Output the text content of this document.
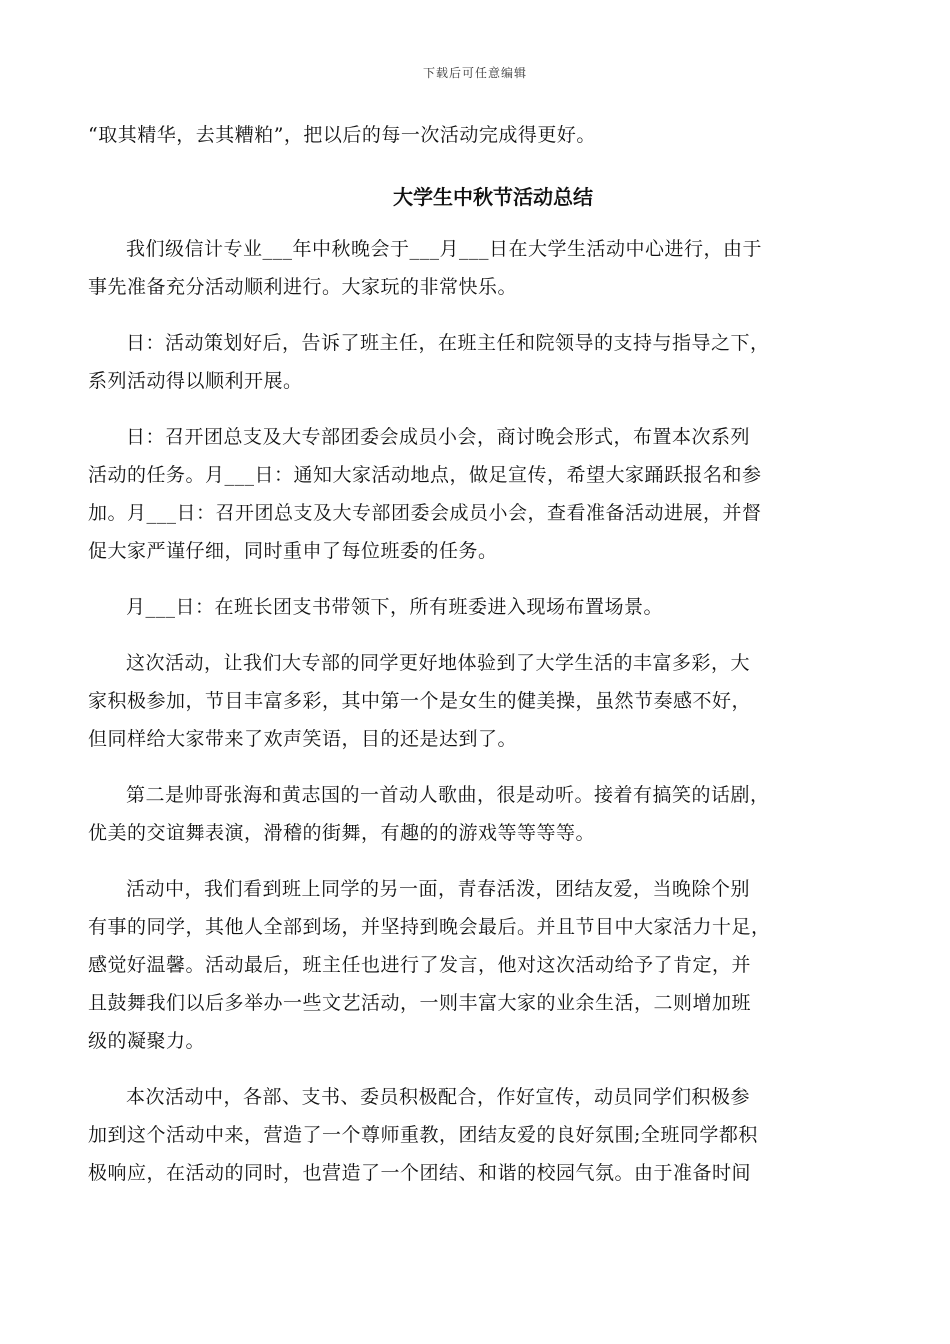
下载后可任意编辑
“取其精华，去其糟粕”，把以后的每一次活动完成得更好。
大学生中秋节活动总结
我们级信计专业___年中秋晚会于___月___日在大学生活动中心进行，由于
事先准备充分活动顺利进行。大家玩的非常快乐。
日：活动策划好后，告诉了班主任，在班主任和院领导的支持与指导之下，
系列活动得以顺利开展。
日：召开团总支及大专部团委会成员小会，商讨晚会形式，布置本次系列
活动的任务。月___日：通知大家活动地点，做足宣传，希望大家踊跃报名和参
加。月___日：召开团总支及大专部团委会成员小会，查看准备活动进展，并督
促大家严谨仔细，同时重申了每位班委的任务。
月___日：在班长团支书带领下，所有班委进入现场布置场景。
这次活动，让我们大专部的同学更好地体验到了大学生活的丰富多彩，大
家积极参加，节目丰富多彩，其中第一个是女生的健美操，虽然节奏感不好，
但同样给大家带来了欢声笑语，目的还是达到了。
第二是帅哥张海和黄志国的一首动人歌曲，很是动听。接着有搞笑的话剧，
优美的交谊舞表演，滑稽的街舞，有趣的的游戏等等等等。
活动中，我们看到班上同学的另一面，青春活泼，团结友爱，当晚除个别
有事的同学，其他人全部到场，并坚持到晚会最后。并且节目中大家活力十足，
感觉好温馨。活动最后，班主任也进行了发言，他对这次活动给予了肯定，并
且鼓舞我们以后多举办一些文艺活动，一则丰富大家的业余生活，二则增加班
级的凝聚力。
本次活动中，各部、支书、委员积极配合，作好宣传，动员同学们积极参
加到这个活动中来，营造了一个尊师重教，团结友爱的良好氛围;全班同学都积
极响应，在活动的同时，也营造了一个团结、和谐的校园气氛。由于准备时间
